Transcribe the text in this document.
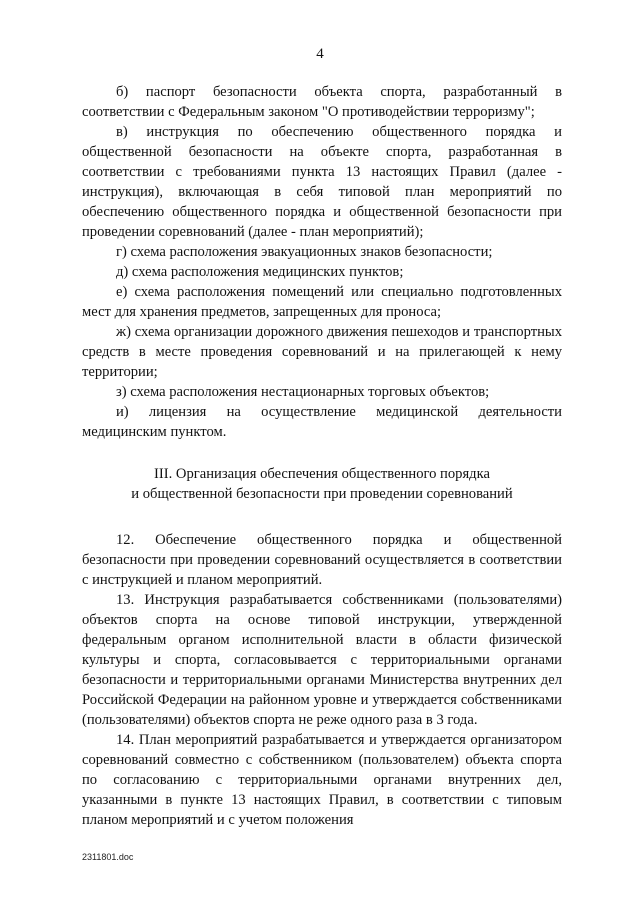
4

б) паспорт безопасности объекта спорта, разработанный в соответствии с Федеральным законом "О противодействии терроризму";

в) инструкция по обеспечению общественного порядка и общественной безопасности на объекте спорта, разработанная в соответствии с требованиями пункта 13 настоящих Правил (далее - инструкция), включающая в себя типовой план мероприятий по обеспечению общественного порядка и общественной безопасности при проведении соревнований (далее - план мероприятий);

г) схема расположения эвакуационных знаков безопасности;

д) схема расположения медицинских пунктов;

е) схема расположения помещений или специально подготовленных мест для хранения предметов, запрещенных для проноса;

ж) схема организации дорожного движения пешеходов и транспортных средств в месте проведения соревнований и на прилегающей к нему территории;

з) схема расположения нестационарных торговых объектов;

и) лицензия на осуществление медицинской деятельности медицинским пунктом.

III. Организация обеспечения общественного порядка
и общественной безопасности при проведении соревнований

12. Обеспечение общественного порядка и общественной безопасности при проведении соревнований осуществляется в соответствии с инструкцией и планом мероприятий.

13. Инструкция разрабатывается собственниками (пользователями) объектов спорта на основе типовой инструкции, утвержденной федеральным органом исполнительной власти в области физической культуры и спорта, согласовывается с территориальными органами безопасности и территориальными органами Министерства внутренних дел Российской Федерации на районном уровне и утверждается собственниками (пользователями) объектов спорта не реже одного раза в 3 года.

14. План мероприятий разрабатывается и утверждается организатором соревнований совместно с собственником (пользователем) объекта спорта по согласованию с территориальными органами внутренних дел, указанными в пункте 13 настоящих Правил, в соответствии с типовым планом мероприятий и с учетом положения

2311801.doc
